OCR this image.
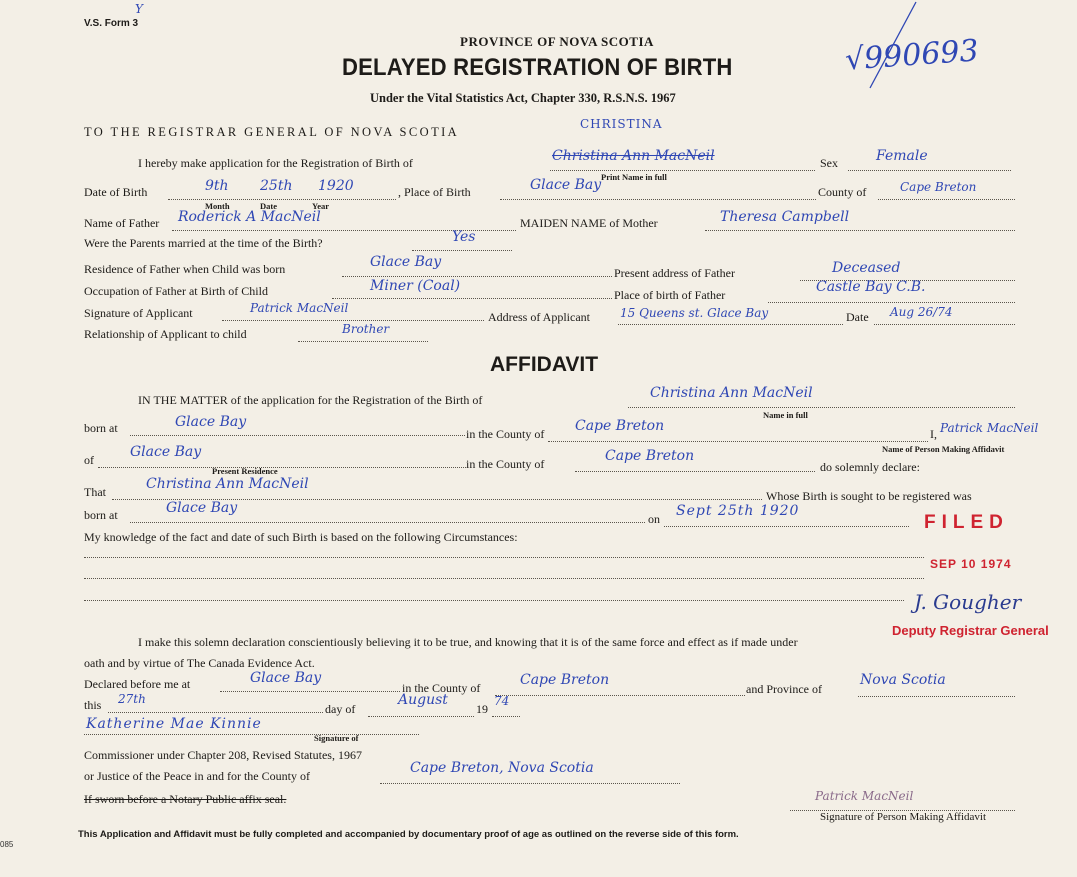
V.S. Form 3
Y
PROVINCE OF NOVA SCOTIA
DELAYED REGISTRATION OF BIRTH
Under the Vital Statistics Act, Chapter 330, R.S.N.S. 1967
√990693
TO THE REGISTRAR GENERAL OF NOVA SCOTIA
CHRISTINA
I hereby make application for the Registration of Birth of	Christina Ann MacNeil	Sex	Female
Print Name in full
Date of Birth	9th 25th 1920
Month	Date	Year
, Place of Birth	Glace Bay	County of	Cape Breton
Name of Father Roderick A MacNeil	MAIDEN NAME of Mother	Theresa Campbell
Were the Parents married at the time of the Birth?	Yes
Residence of Father when Child was born	Glace Bay
Present address of Father	Deceased
Occupation of Father at Birth of Child	Miner (Coal)
Place of birth of Father	Castle Bay C.B.
Signature of Applicant	Patrick MacNeil
Address of Applicant	15 Queens st. Glace Bay	Date Aug 26/74
Relationship of Applicant to child	Brother
AFFIDAVIT
IN THE MATTER of the application for the Registration of the Birth of	Christina Ann MacNeil
Name in full
born at	Glace Bay
in the County of Cape Breton	I, Patrick MacNeil
Name of Person Making Affidavit
of	Glace Bay
Present Residence	in the County of	Cape Breton
do solemnly declare:
That	Christina Ann MacNeil
Whose Birth is sought to be registered was
born at	Glace Bay
on Sept 25th 1920
My knowledge of the fact and date of such Birth is based on the following Circumstances:
I make this solemn declaration conscientiously believing it to be true, and knowing that it is of the same force and effect as if made under
oath and by virtue of The Canada Evidence Act.
Declared before me at	Glace Bay
in the County of	Cape Breton
and Province of
Nova Scotia
this 27th
day of
August
19
74
Katherine Mae Kinnie
Signature of
Commissioner under Chapter 208, Revised Statutes, 1967
or Justice of the Peace in and for the County of	Cape Breton, Nova Scotia
If sworn before a Notary Public affix seal.	Patrick MacNeil
Signature of Person Making Affidavit
FILED
SEP 10 1974
J. Gougher
Deputy Registrar General
This Application and Affidavit must be fully completed and accompanied by documentary proof of age as outlined on the reverse side of this form.
085
